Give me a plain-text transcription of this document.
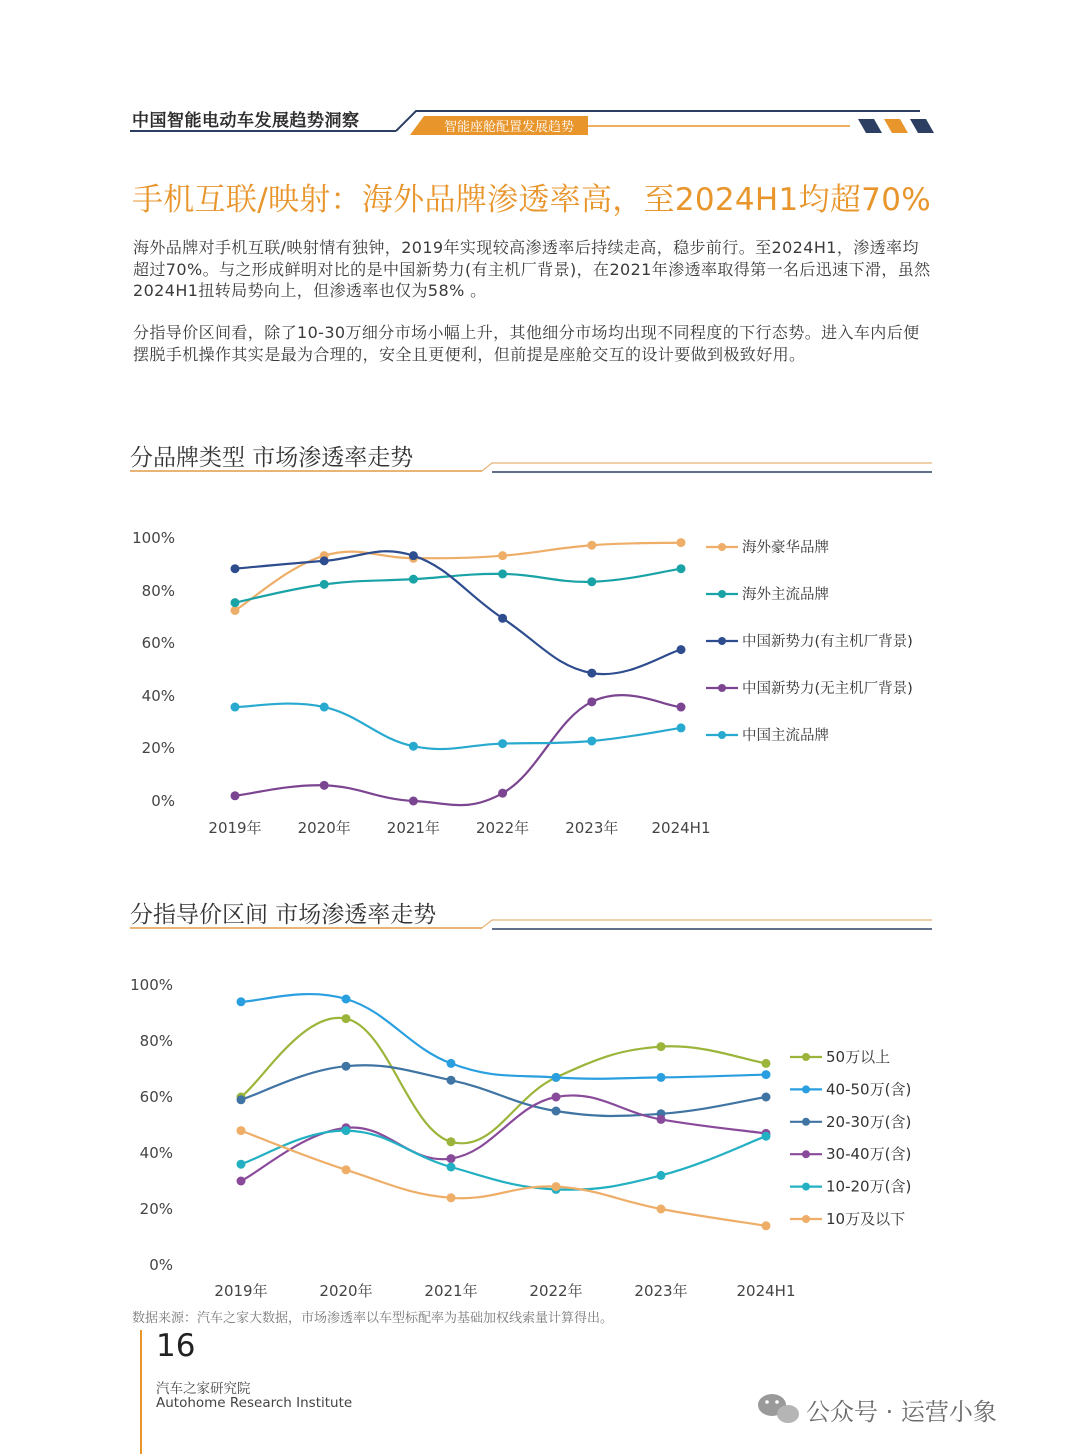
中国智能电动车发展趋势洞察	智能座舱配置发展趋势
手机互联/映射：海外品牌渗透率高，至2024H1均超70%
海外品牌对手机互联/映射情有独钟，2019年实现较高渗透率后持续走高，稳步前行。至2024H1，渗透率均超过70%。与之形成鲜明对比的是中国新势力(有主机厂背景)，在2021年渗透率取得第一名后迅速下滑，虽然2024H1扭转局势向上，但渗透率也仅为58% 。
分指导价区间看，除了10-30万细分市场小幅上升，其他细分市场均出现不同程度的下行态势。进入车内后便摆脱手机操作其实是最为合理的，安全且更便利，但前提是座舱交互的设计要做到极致好用。
分品牌类型 市场渗透率走势
分指导价区间 市场渗透率走势
0%
20%
40%
60%
80%
100%
2019年 2020年 2021年 2022年 2023年 2024H1
海外豪华品牌
海外主流品牌
中国新势力(有主机厂背景)
中国新势力(无主机厂背景)
中国主流品牌
0%
20%
40%
60%
80%
100%
2019年	2020年	2021年	2022年	2023年	2024H1
50万以上
40-50万(含)
20-30万(含)
30-40万(含)
10-20万(含)
10万及以下
数据来源：汽车之家大数据，市场渗透率以车型标配率为基础加权线索量计算得出。
16
汽车之家研究院
Autohome Research Institute	公众号 · 运营小象
